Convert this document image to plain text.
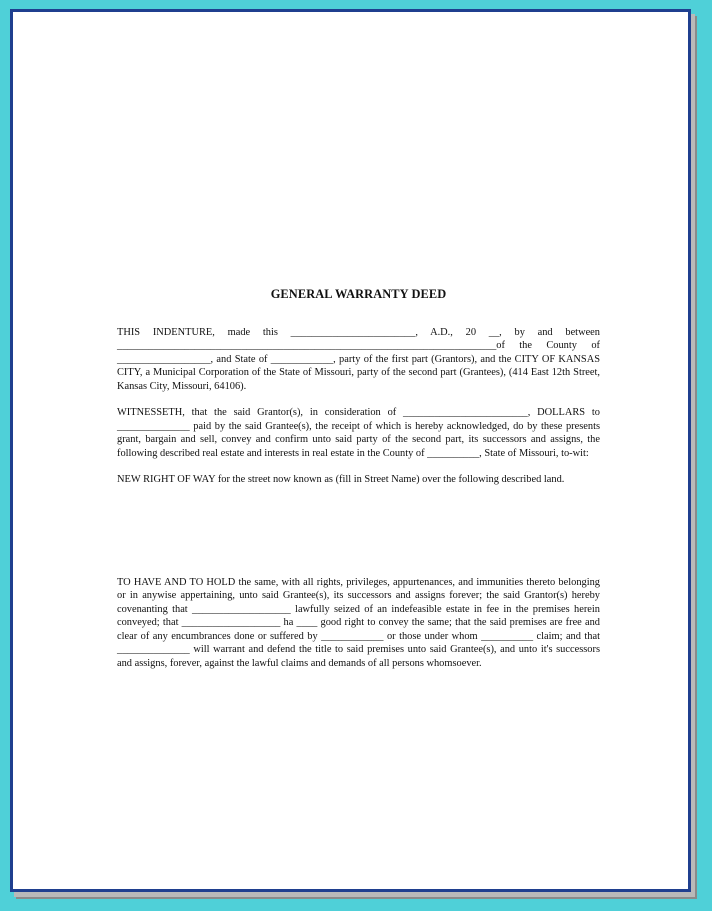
GENERAL WARRANTY DEED

THIS INDENTURE, made this ________________________, A.D., 20 __, by and between _________________________________________________________________________of the County of __________________, and State of ____________, party of the first part (Grantors), and the CITY OF KANSAS CITY, a Municipal Corporation of the State of Missouri, party of the second part (Grantees), (414 East 12th Street, Kansas City, Missouri, 64106).

WITNESSETH, that the said Grantor(s), in consideration of ________________________, DOLLARS to ______________ paid by the said Grantee(s), the receipt of which is hereby acknowledged, do by these presents grant, bargain and sell, convey and confirm unto said party of the second part, its successors and assigns, the following described real estate and interests in real estate in the County of __________, State of Missouri, to-wit:

NEW RIGHT OF WAY for the street now known as (fill in Street Name) over the following described land.

TO HAVE AND TO HOLD the same, with all rights, privileges, appurtenances, and immunities thereto belonging or in anywise appertaining, unto said Grantee(s), its successors and assigns forever; the said Grantor(s) hereby covenanting that ___________________ lawfully seized of an indefeasible estate in fee in the premises herein conveyed; that ___________________ ha ____ good right to convey the same; that the said premises are free and clear of any encumbrances done or suffered by ____________ or those under whom __________ claim; and that ______________ will warrant and defend the title to said premises unto said Grantee(s), and unto it's successors and assigns, forever, against the lawful claims and demands of all persons whomsoever.
